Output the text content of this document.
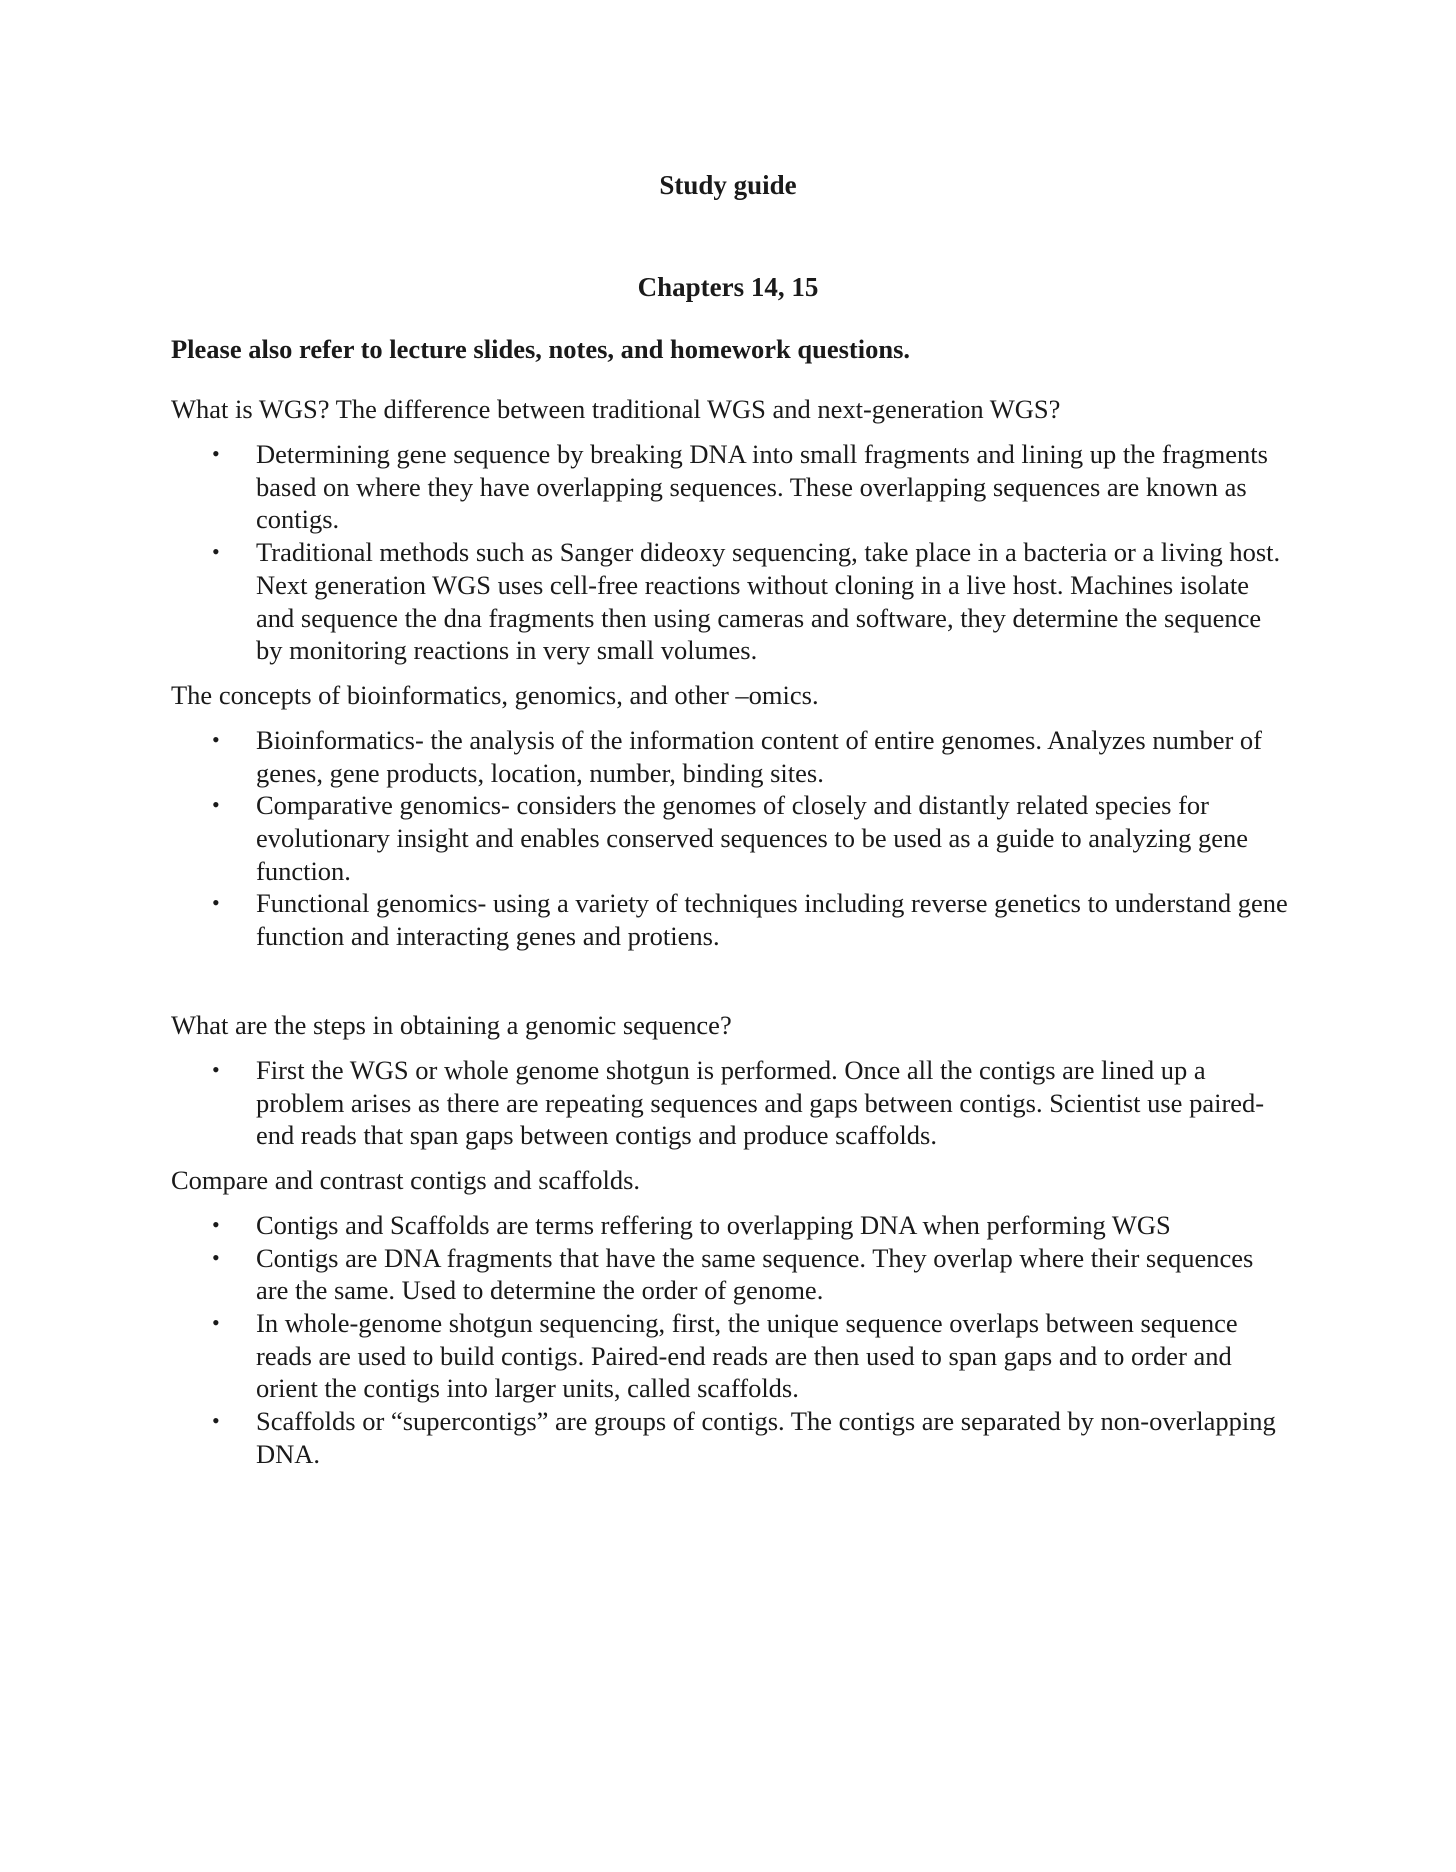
Study guide

Chapters 14, 15

Please also refer to lecture slides, notes, and homework questions.

What is WGS? The difference between traditional WGS and next-generation WGS?

• Determining gene sequence by breaking DNA into small fragments and lining up the fragments based on where they have overlapping sequences. These overlapping sequences are known as contigs.
• Traditional methods such as Sanger dideoxy sequencing, take place in a bacteria or a living host. Next generation WGS uses cell-free reactions without cloning in a live host. Machines isolate and sequence the dna fragments then using cameras and software, they determine the sequence by monitoring reactions in very small volumes.

The concepts of bioinformatics, genomics, and other –omics.

• Bioinformatics- the analysis of the information content of entire genomes. Analyzes number of genes, gene products, location, number, binding sites.
• Comparative genomics- considers the genomes of closely and distantly related species for evolutionary insight and enables conserved sequences to be used as a guide to analyzing gene function.
• Functional genomics- using a variety of techniques including reverse genetics to understand gene function and interacting genes and protiens.

What are the steps in obtaining a genomic sequence?

• First the WGS or whole genome shotgun is performed. Once all the contigs are lined up a problem arises as there are repeating sequences and gaps between contigs. Scientist use paired-end reads that span gaps between contigs and produce scaffolds.

Compare and contrast contigs and scaffolds.

• Contigs and Scaffolds are terms reffering to overlapping DNA when performing WGS
• Contigs are DNA fragments that have the same sequence. They overlap where their sequences are the same. Used to determine the order of genome.
• In whole-genome shotgun sequencing, first, the unique sequence overlaps between sequence reads are used to build contigs. Paired-end reads are then used to span gaps and to order and orient the contigs into larger units, called scaffolds.
• Scaffolds or “supercontigs” are groups of contigs. The contigs are separated by non-overlapping DNA.
